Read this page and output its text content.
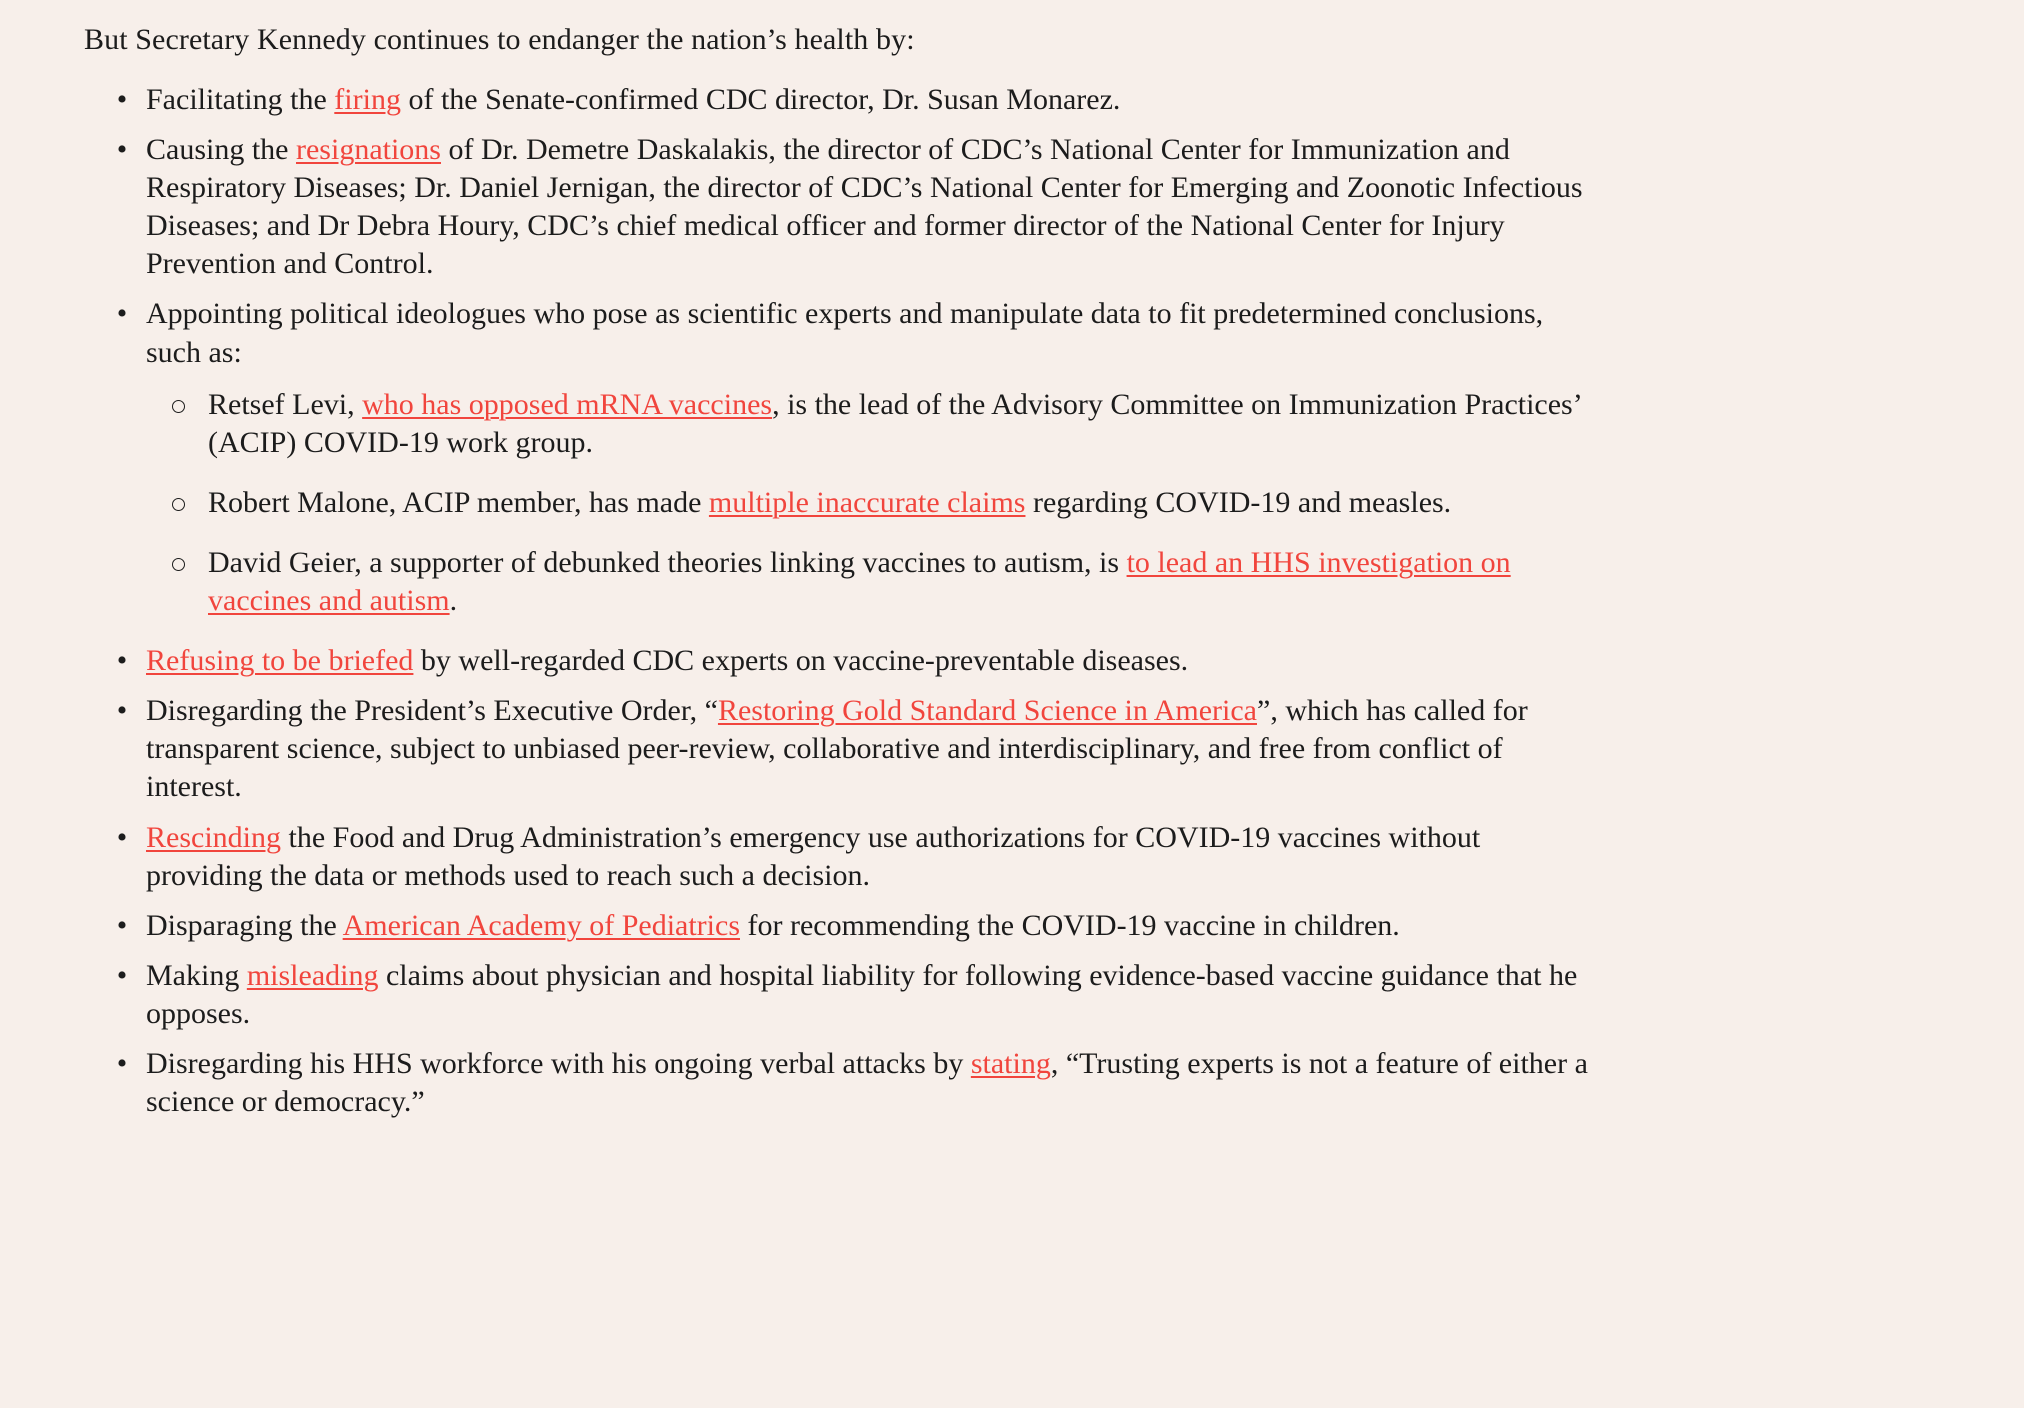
But Secretary Kennedy continues to endanger the nation’s health by:

• Facilitating the firing of the Senate-confirmed CDC director, Dr. Susan Monarez.
• Causing the resignations of Dr. Demetre Daskalakis, the director of CDC’s National Center for Immunization and Respiratory Diseases; Dr. Daniel Jernigan, the director of CDC’s National Center for Emerging and Zoonotic Infectious Diseases; and Dr Debra Houry, CDC’s chief medical officer and former director of the National Center for Injury Prevention and Control.
• Appointing political ideologues who pose as scientific experts and manipulate data to fit predetermined conclusions, such as:
Retsef Levi, who has opposed mRNA vaccines, is the lead of the Advisory Committee on Immunization Practices’ (ACIP) COVID-19 work group.
Robert Malone, ACIP member, has made multiple inaccurate claims regarding COVID-19 and measles.
David Geier, a supporter of debunked theories linking vaccines to autism, is to lead an HHS investigation on vaccines and autism.
• Refusing to be briefed by well-regarded CDC experts on vaccine-preventable diseases.
• Disregarding the President’s Executive Order, “Restoring Gold Standard Science in America”, which has called for transparent science, subject to unbiased peer-review, collaborative and interdisciplinary, and free from conflict of interest.
• Rescinding the Food and Drug Administration’s emergency use authorizations for COVID-19 vaccines without providing the data or methods used to reach such a decision.
• Disparaging the American Academy of Pediatrics for recommending the COVID-19 vaccine in children.
• Making misleading claims about physician and hospital liability for following evidence-based vaccine guidance that he opposes.
• Disregarding his HHS workforce with his ongoing verbal attacks by stating, “Trusting experts is not a feature of either a science or democracy.”
